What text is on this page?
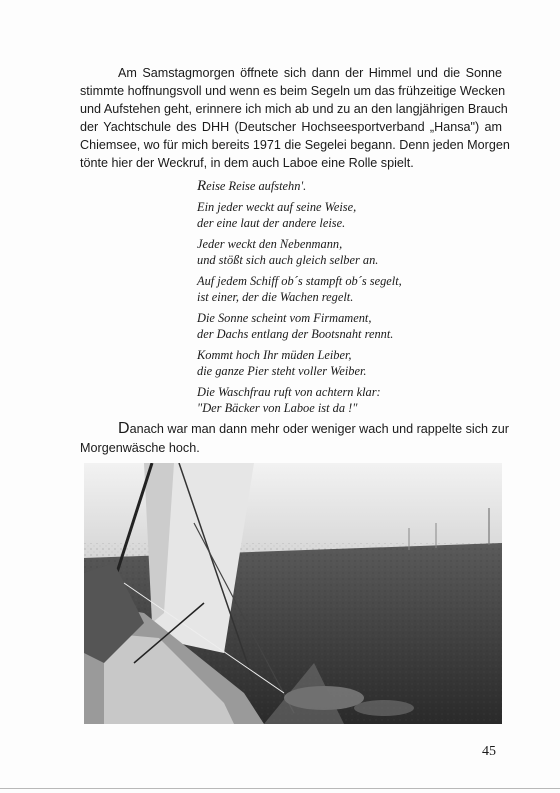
Am Samstagmorgen öffnete sich dann der Himmel und die Sonne
stimmte hoffnungsvoll und wenn es beim Segeln um das frühzeitige Wecken
und Aufstehen geht, erinnere ich mich ab und zu an den langjährigen Brauch
der Yachtschule des DHH (Deutscher Hochseesportverband „Hansa") am
Chiemsee, wo für mich bereits 1971 die Segelei begann. Denn jeden Morgen
tönte hier der Weckruf, in dem auch Laboe eine Rolle spielt.
Reise Reise aufstehn'.
Ein jeder weckt auf seine Weise,
der eine laut der andere leise.
Jeder weckt den Nebenmann,
und stößt sich auch gleich selber an.
Auf jedem Schiff ob´s stampft ob´s segelt,
ist einer, der die Wachen regelt.
Die Sonne scheint vom Firmament,
der Dachs entlang der Bootsnaht rennt.
Kommt hoch Ihr müden Leiber,
die ganze Pier steht voller Weiber.
Die Waschfrau ruft von achtern klar:
"Der Bäcker von Laboe ist da !"
Danach war man dann mehr oder weniger wach und rappelte sich zur
Morgenwäsche hoch.
45
